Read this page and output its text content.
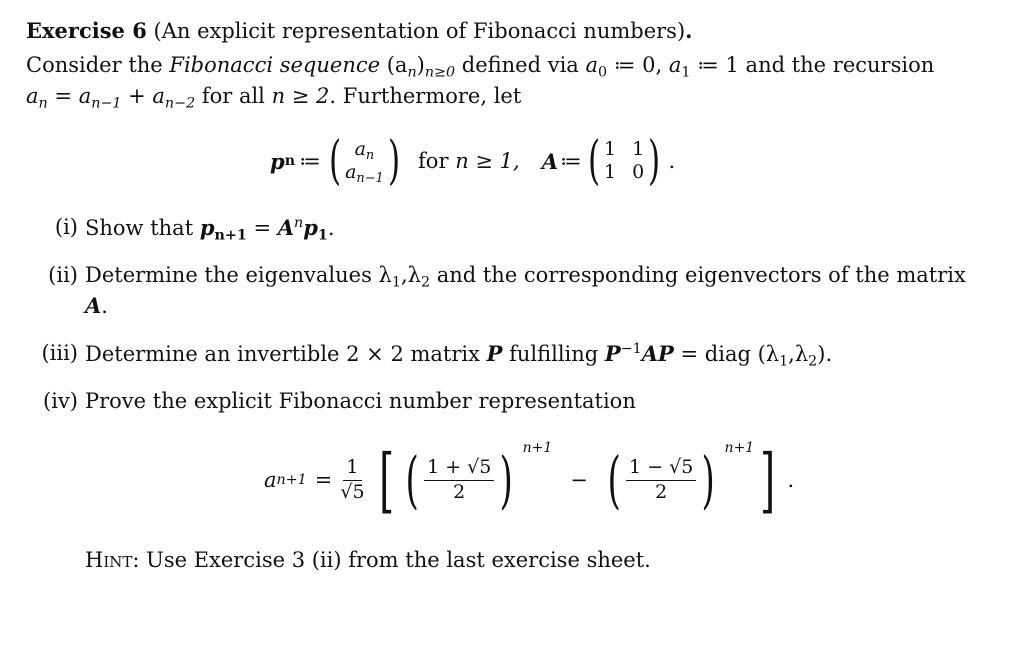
Exercise 6 (An explicit representation of Fibonacci numbers).
Consider the Fibonacci sequence $(a_n)_{n\ge 0}$ defined via $a_0$ ≔ 0, $a_1$ ≔ 1 and the recursion
$a_n = a_{n-1} + a_{n-2}$ for all n ≥ 2. Furthermore, let
p n ≔ ( $a_n$
$a_{n-1}$ ) for
n ≥ 1, A ≔ ( 1 1
1 0 ) .
(i) Show that $p_{n+1} = A^np_1$.
(ii) Determine the eigenvalues $\lambda_1,\lambda_2$ and the corresponding eigenvectors of the matrix
A.
(iii) Determine an invertible 2 × 2 matrix P fulfilling $P^{-1}AP$ = diag $(\lambda_1,\lambda_2)$.
(iv) Prove the explicit Fibonacci number representation
a $n+1 = \frac{1}{√5}$ [ ( $\frac{1 + √5}{2}$ ) n+1
− ( $\frac{1 - √5}{2}$ ) n+1 ] .
Hint: Use Exercise 3 (ii) from the last exercise sheet.
